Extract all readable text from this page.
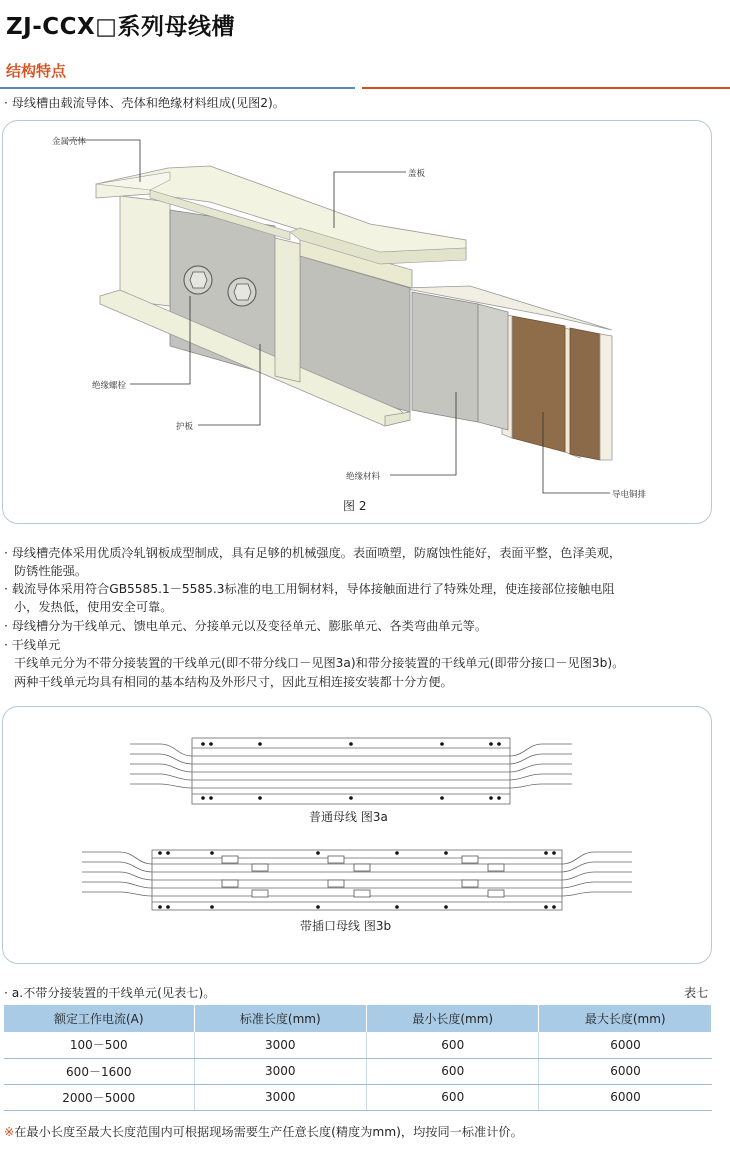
ZJ-CCX□系列母线槽
结构特点
· 母线槽由载流导体、壳体和绝缘材料组成(见图2)。
金属壳体
盖板
绝缘螺栓
护板
绝缘材料
导电铜排
图 2
· 母线槽壳体采用优质冷轧钢板成型制成，具有足够的机械强度。表面喷塑，防腐蚀性能好，表面平整，色泽美观，
防锈性能强。
· 载流导体采用符合GB5585.1－5585.3标准的电工用铜材料，导体接触面进行了特殊处理，使连接部位接触电阻
小，发热低，使用安全可靠。
· 母线槽分为干线单元、馈电单元、分接单元以及变径单元、膨胀单元、各类弯曲单元等。
· 干线单元
干线单元分为不带分接装置的干线单元(即不带分线口－见图3a)和带分接装置的干线单元(即带分接口－见图3b)。
两种干线单元均具有相同的基本结构及外形尺寸，因此互相连接安装都十分方便。
普通母线 图3a
带插口母线 图3b
· a.不带分接装置的干线单元(见表七)。	表七
额定工作电流(A)	标准长度(mm)	最小长度(mm)	最大长度(mm)
100－500	3000	600	6000
600－1600	3000	600	6000
2000－5000	3000	600	6000
※在最小长度至最大长度范围内可根据现场需要生产任意长度(精度为mm)，均按同一标准计价。
